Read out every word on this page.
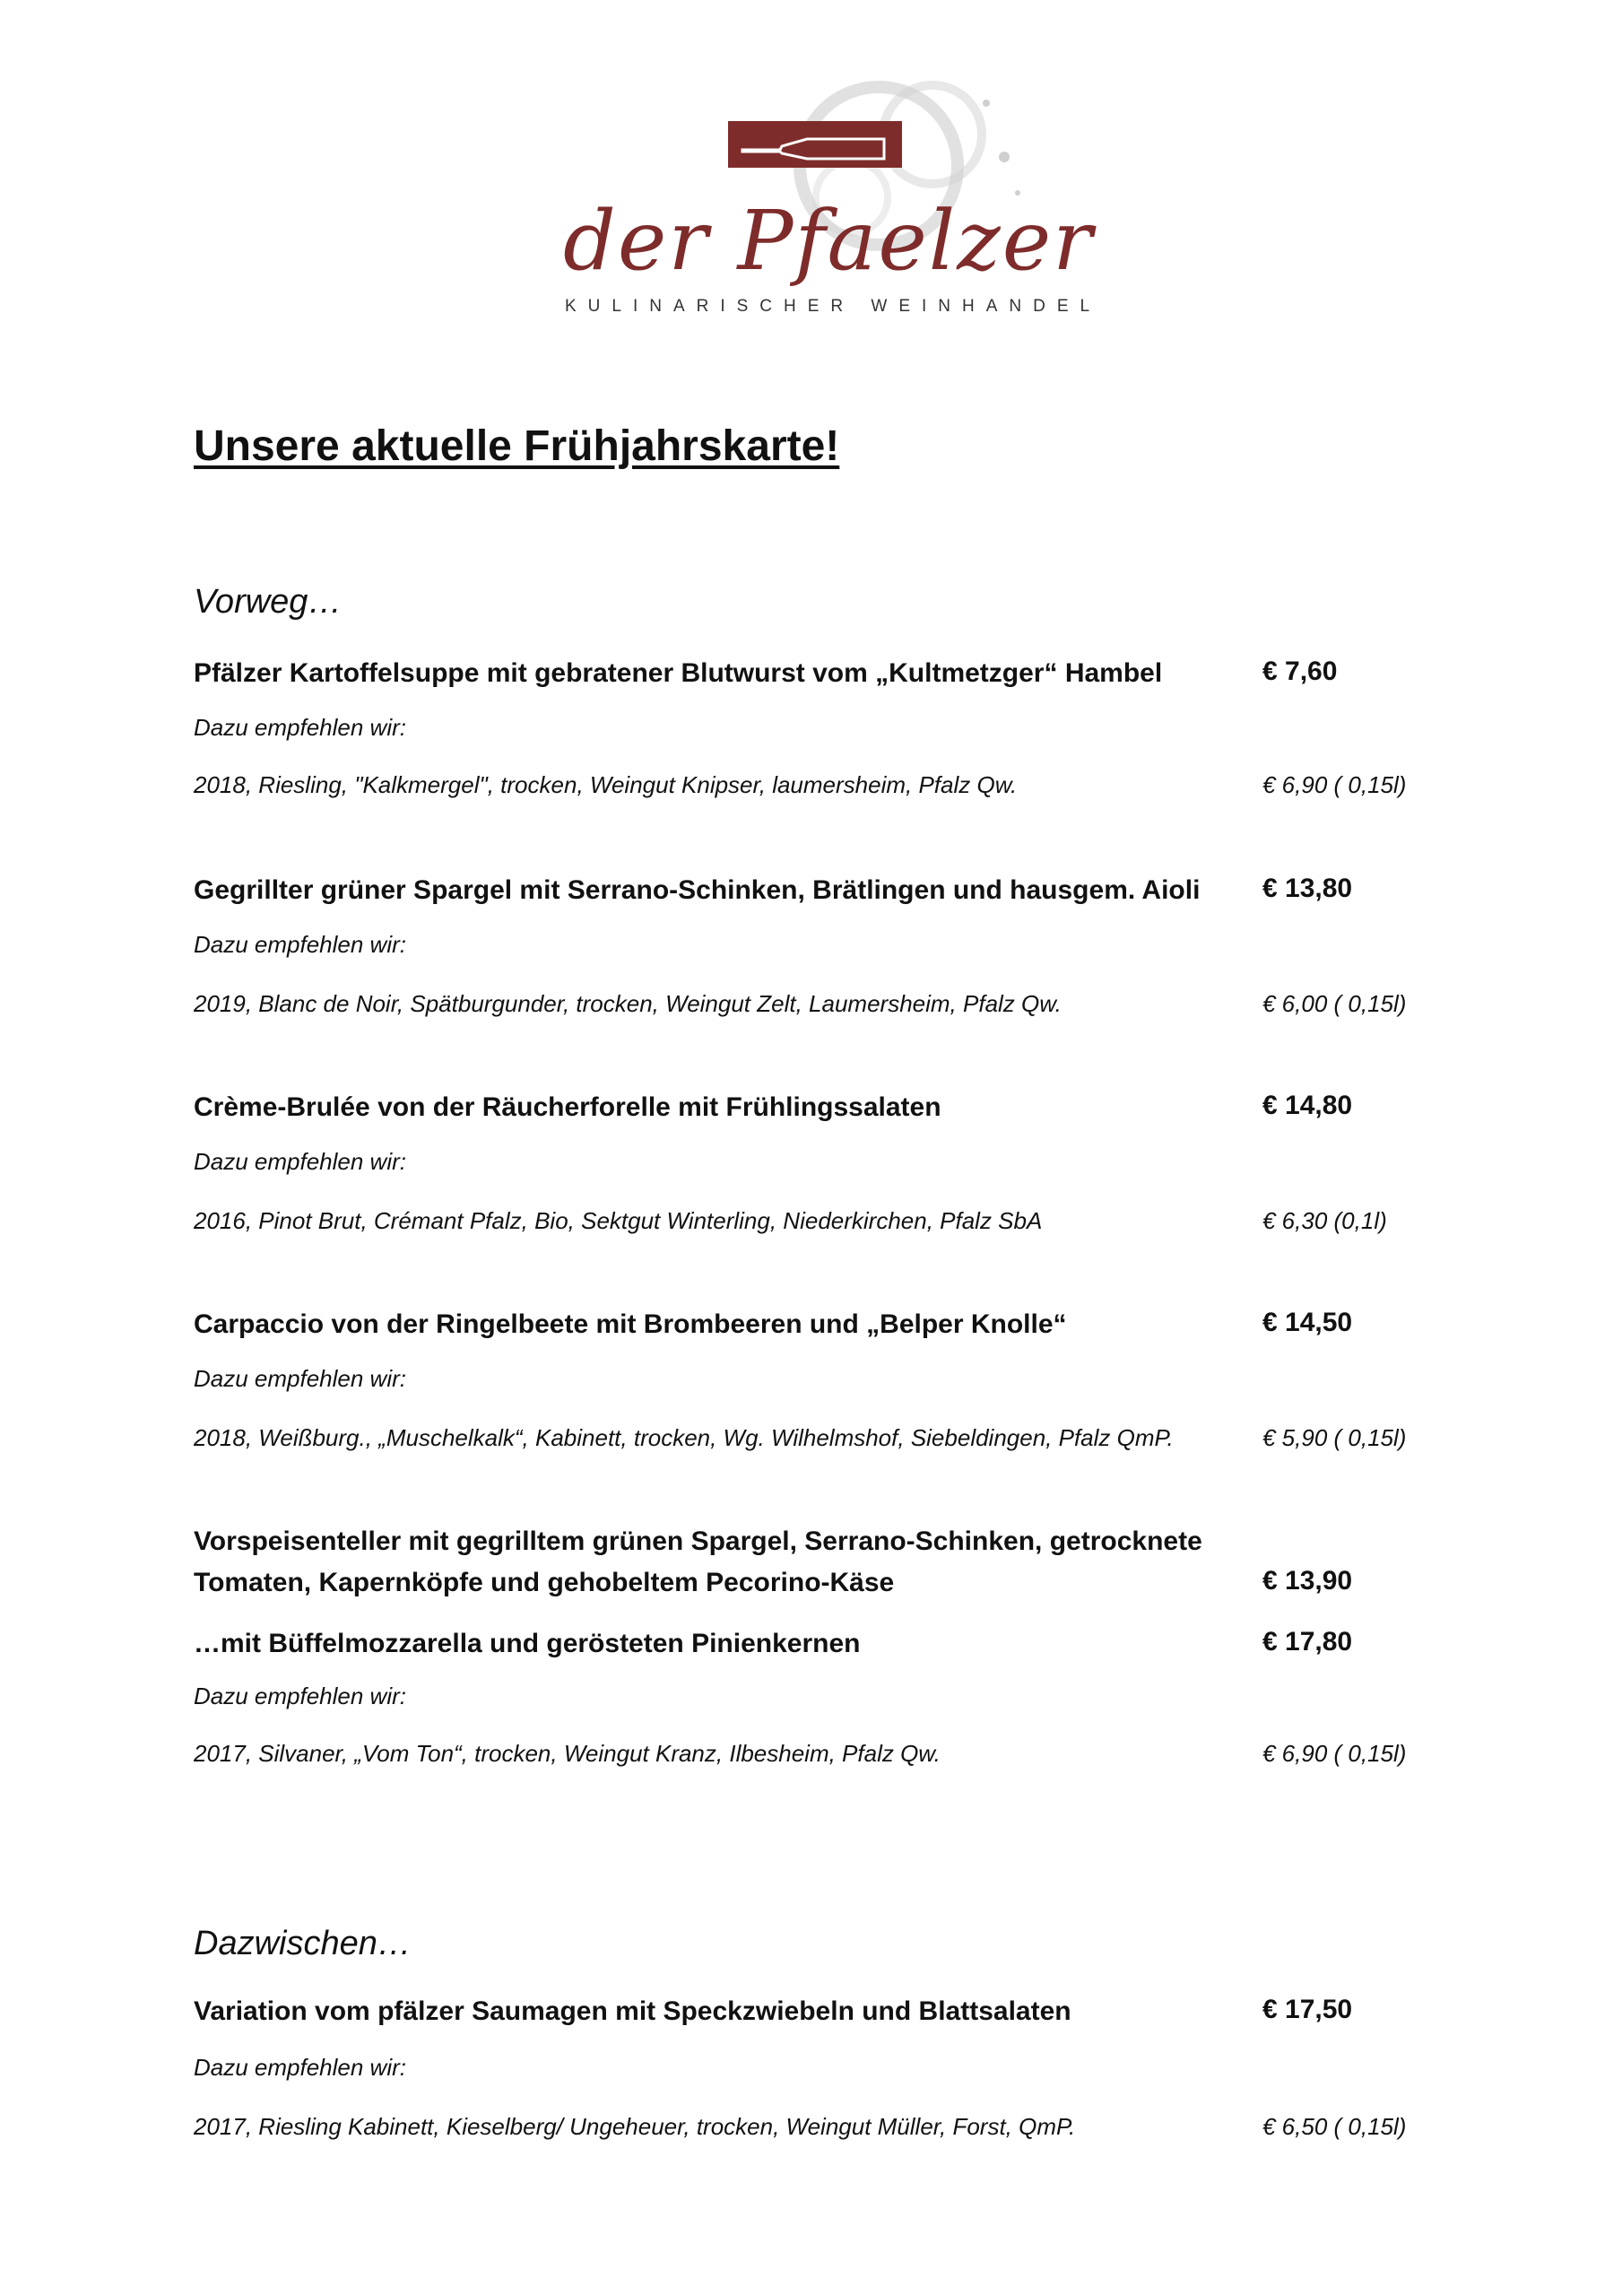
der Pfaelzer
KULINARISCHER WEINHANDEL
Unsere aktuelle Frühjahrskarte!
Vorweg…
Pfälzer Kartoffelsuppe mit gebratener Blutwurst vom „Kultmetzger“ Hambel	€ 7,60
Dazu empfehlen wir:
2018, Riesling, "Kalkmergel", trocken, Weingut Knipser, laumersheim, Pfalz Qw.	€ 6,90 ( 0,15l)
Gegrillter grüner Spargel mit Serrano-Schinken, Brätlingen und hausgem. Aioli	€ 13,80
Dazu empfehlen wir:
2019, Blanc de Noir, Spätburgunder, trocken, Weingut Zelt, Laumersheim, Pfalz Qw.	€ 6,00 ( 0,15l)
Crème-Brulée von der Räucherforelle mit Frühlingssalaten	€ 14,80
Dazu empfehlen wir:
2016, Pinot Brut, Crémant Pfalz, Bio, Sektgut Winterling, Niederkirchen, Pfalz SbA	€ 6,30 (0,1l)
Carpaccio von der Ringelbeete mit Brombeeren und „Belper Knolle“	€ 14,50
Dazu empfehlen wir:
2018, Weißburg., „Muschelkalk“, Kabinett, trocken, Wg. Wilhelmshof, Siebeldingen, Pfalz QmP.	€ 5,90 ( 0,15l)
Vorspeisenteller mit gegrilltem grünen Spargel, Serrano-Schinken, getrocknete
Tomaten, Kapernköpfe und gehobeltem Pecorino-Käse	€ 13,90
…mit Büffelmozzarella und gerösteten Pinienkernen	€ 17,80
Dazu empfehlen wir:
2017, Silvaner, „Vom Ton“, trocken, Weingut Kranz, Ilbesheim, Pfalz Qw.	€ 6,90 ( 0,15l)
Dazwischen…
Variation vom pfälzer Saumagen mit Speckzwiebeln und Blattsalaten	€ 17,50
Dazu empfehlen wir:
2017, Riesling Kabinett, Kieselberg/ Ungeheuer, trocken, Weingut Müller, Forst, QmP.	€ 6,50 ( 0,15l)
